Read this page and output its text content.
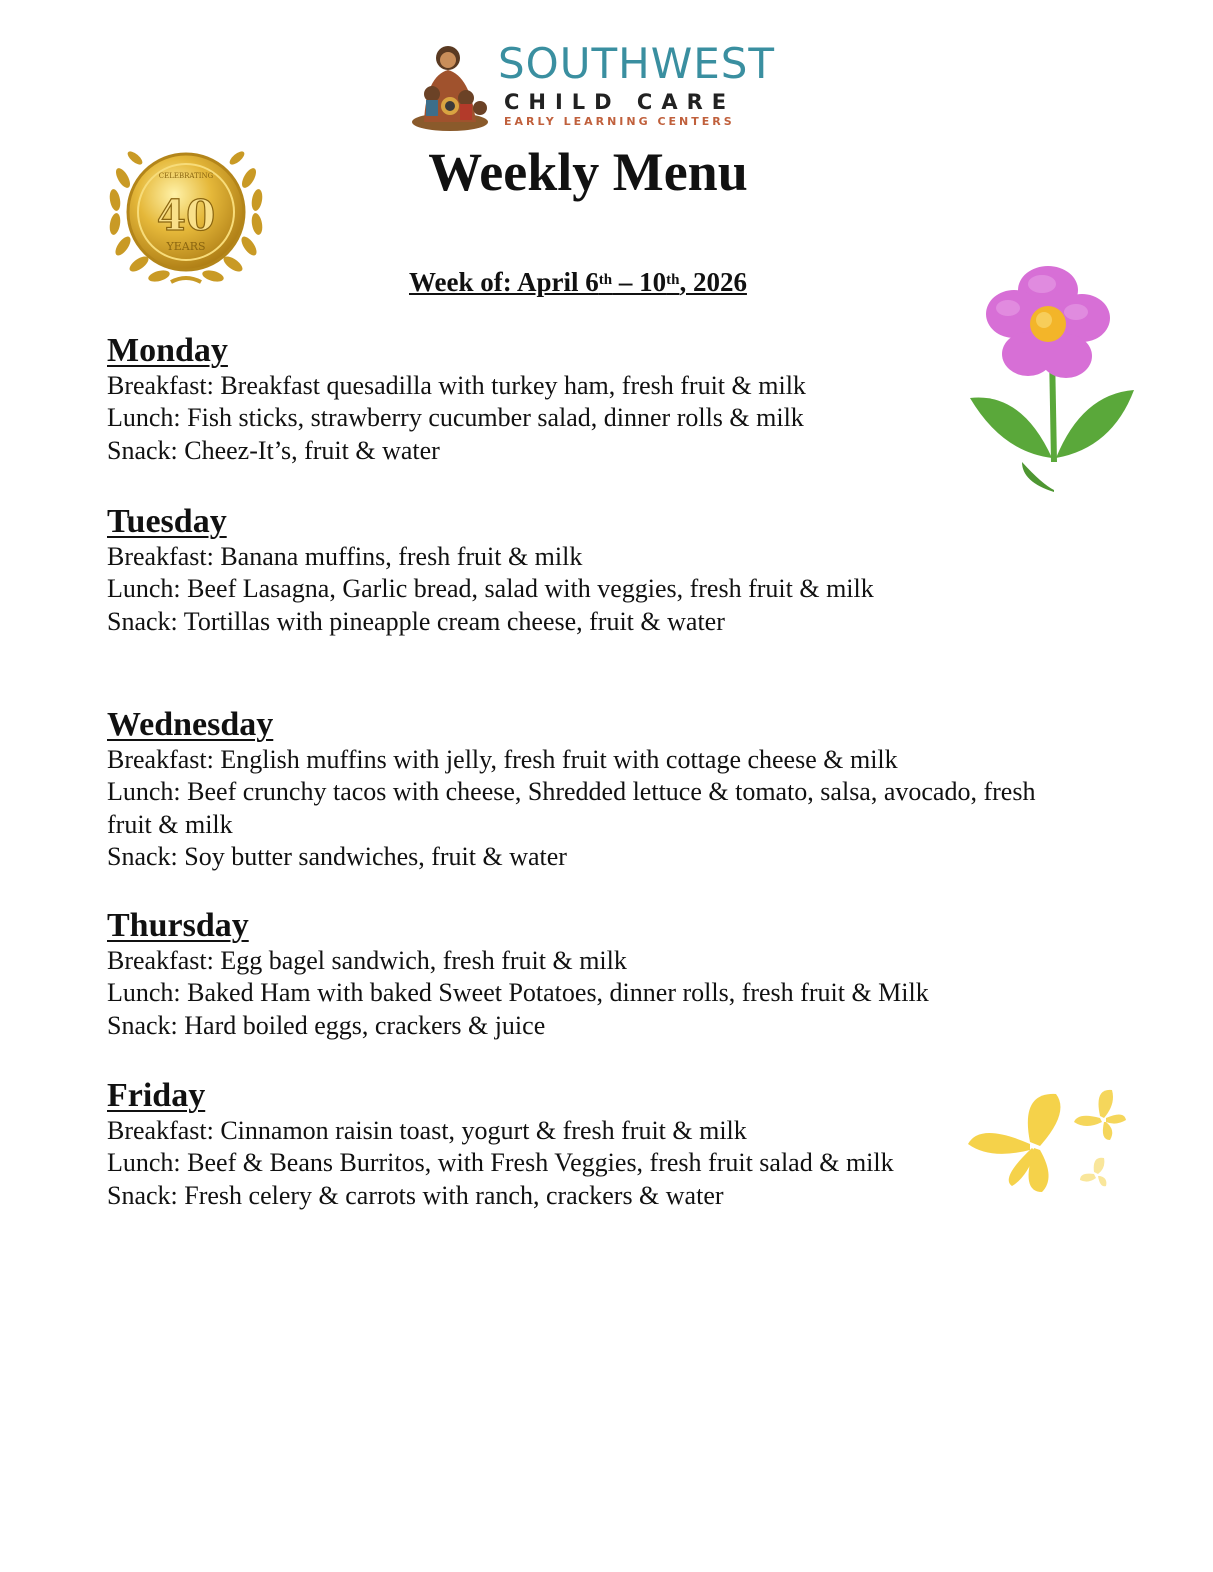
SOUTHWEST
CHILD CARE
EARLY LEARNING CENTERS
CELEBRATING
40
YEARS
Weekly Menu
Week of: April 6th – 10th, 2026
Monday
Breakfast: Breakfast quesadilla with turkey ham, fresh fruit & milk
Lunch: Fish sticks, strawberry cucumber salad, dinner rolls & milk
Snack: Cheez-It’s, fruit & water
Tuesday
Breakfast: Banana muffins, fresh fruit & milk
Lunch: Beef Lasagna, Garlic bread, salad with veggies, fresh fruit & milk
Snack: Tortillas with pineapple cream cheese, fruit & water
Wednesday
Breakfast: English muffins with jelly, fresh fruit with cottage cheese & milk
Lunch: Beef crunchy tacos with cheese, Shredded lettuce & tomato, salsa, avocado, fresh fruit & milk
Snack: Soy butter sandwiches, fruit & water
Thursday
Breakfast: Egg bagel sandwich, fresh fruit & milk
Lunch: Baked Ham with baked Sweet Potatoes, dinner rolls, fresh fruit & Milk
Snack: Hard boiled eggs, crackers & juice
Friday
Breakfast: Cinnamon raisin toast, yogurt & fresh fruit & milk
Lunch: Beef & Beans Burritos, with Fresh Veggies, fresh fruit salad & milk
Snack: Fresh celery & carrots with ranch, crackers & water
